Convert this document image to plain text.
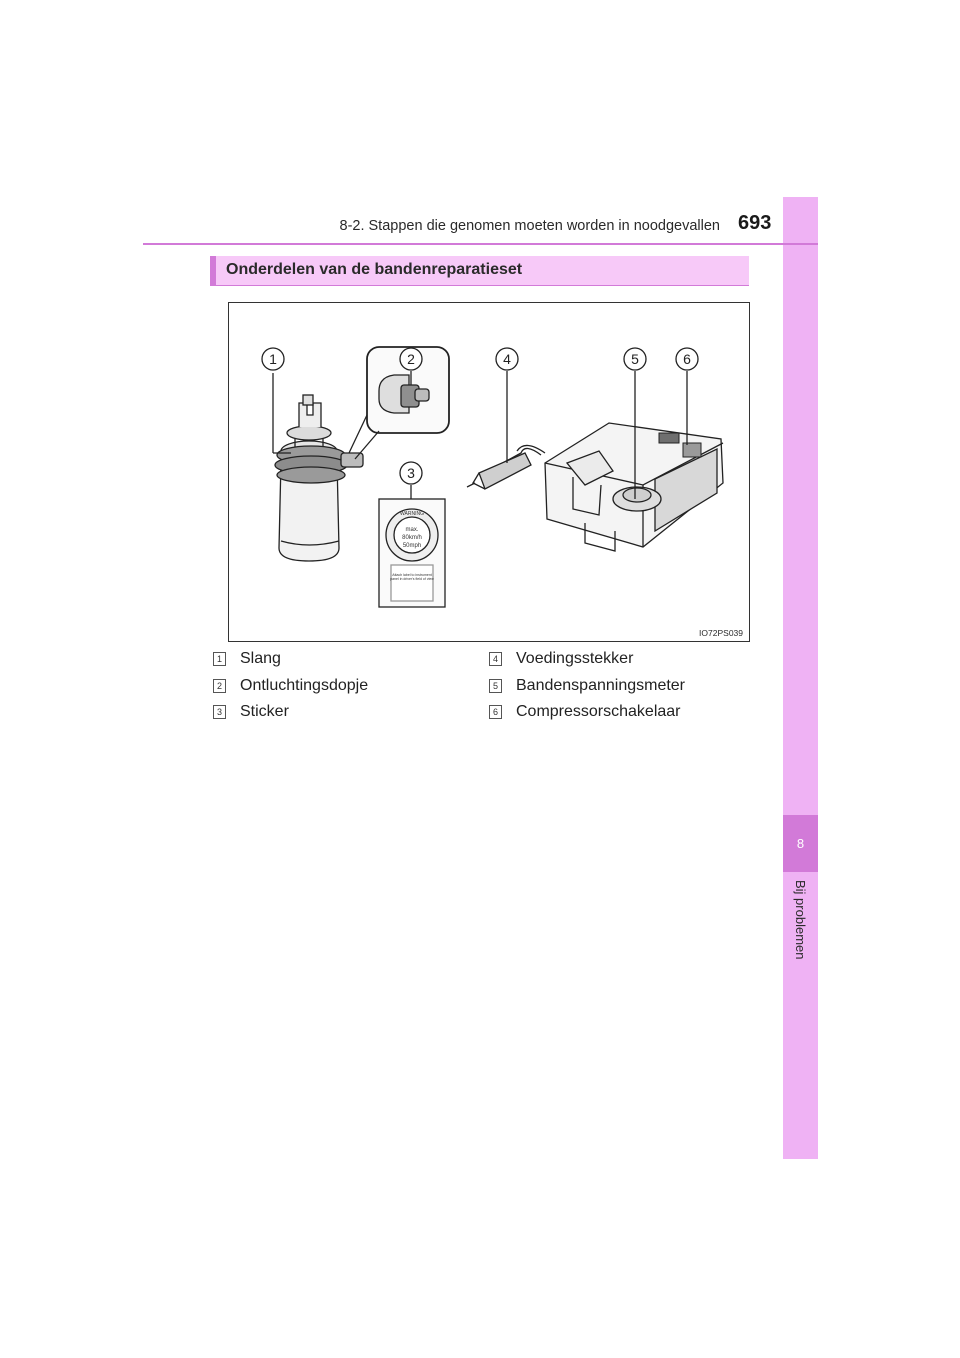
8
Bij problemen
8-2. Stappen die genomen moeten worden in noodgevallen 693
Onderdelen van de bandenreparatieset
1	2
3
4	5	6
WARNING
max.
80km/h
50mph
Attach label to instrument panel in driver's field of view
IO72PS039
1 Slang
2 Ontluchtingsdopje
3 Sticker
4 Voedingsstekker
5 Bandenspanningsmeter
6 Compressorschakelaar
